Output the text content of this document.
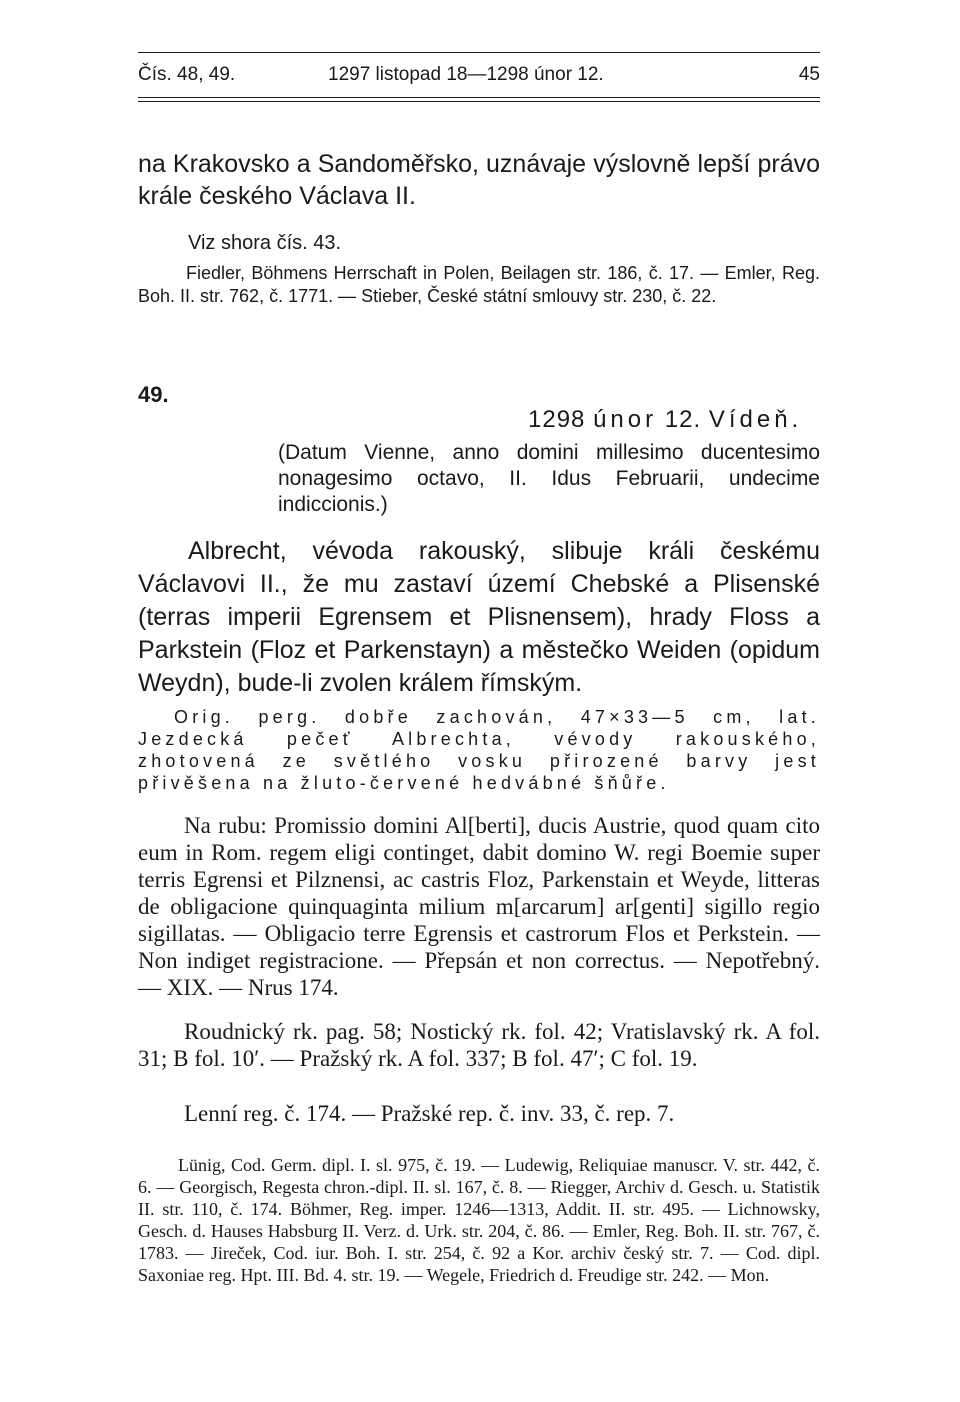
Čís. 48, 49.	1297 listopad 18—1298 únor 12.	45

na Krakovsko a Sandoměřsko, uznávaje výslovně lepší právo krále českého Václava II.

Viz shora čís. 43.

Fiedler, Böhmens Herrschaft in Polen, Beilagen str. 186, č. 17. — Emler, Reg. Boh. II. str. 762, č. 1771. — Stieber, České státní smlouvy str. 230, č. 22.

49.

1298 únor 12. Vídeň.

(Datum Vienne, anno domini millesimo ducentesimo nonagesimo octavo, II. Idus Februarii, undecime indiccionis.)

Albrecht, vévoda rakouský, slibuje králi českému Václavovi II., že mu zastaví území Chebské a Plisenské (terras imperii Egrensem et Plisnensem), hrady Floss a Parkstein (Floz et Parkenstayn) a městečko Weiden (opidum Weydn), bude-li zvolen králem římským.

Orig. perg. dobře zachován, 47×33—5 cm, lat. Jezdecká pečeť Albrechta, vévody rakouského, zhotovená ze světlého vosku přirozené barvy jest přivěšena na žluto-červené hedvábné šňůře.

Na rubu: Promissio domini Al[berti], ducis Austrie, quod quam cito eum in Rom. regem eligi continget, dabit domino W. regi Boemie super terris Egrensi et Pilznensi, ac castris Floz, Parkenstain et Weyde, litteras de obligacione quinquaginta milium m[arcarum] ar[genti] sigillo regio sigillatas. — Obligacio terre Egrensis et castrorum Flos et Perkstein. — Non indiget registracione. — Přepsán et non correctus. — Nepotřebný. — XIX. — Nrus 174.

Roudnický rk. pag. 58; Nostický rk. fol. 42; Vratislavský rk. A fol. 31; B fol. 10′. — Pražský rk. A fol. 337; B fol. 47′; C fol. 19.

Lenní reg. č. 174. — Pražské rep. č. inv. 33, č. rep. 7.

Lünig, Cod. Germ. dipl. I. sl. 975, č. 19. — Ludewig, Reliquiae manuscr. V. str. 442, č. 6. — Georgisch, Regesta chron.-dipl. II. sl. 167, č. 8. — Riegger, Archiv d. Gesch. u. Statistik II. str. 110, č. 174. Böhmer, Reg. imper. 1246—1313, Addit. II. str. 495. — Lichnowsky, Gesch. d. Hauses Habsburg II. Verz. d. Urk. str. 204, č. 86. — Emler, Reg. Boh. II. str. 767, č. 1783. — Jireček, Cod. iur. Boh. I. str. 254, č. 92 a Kor. archiv český str. 7. — Cod. dipl. Saxoniae reg. Hpt. III. Bd. 4. str. 19. — Wegele, Friedrich d. Freudige str. 242. — Mon.
